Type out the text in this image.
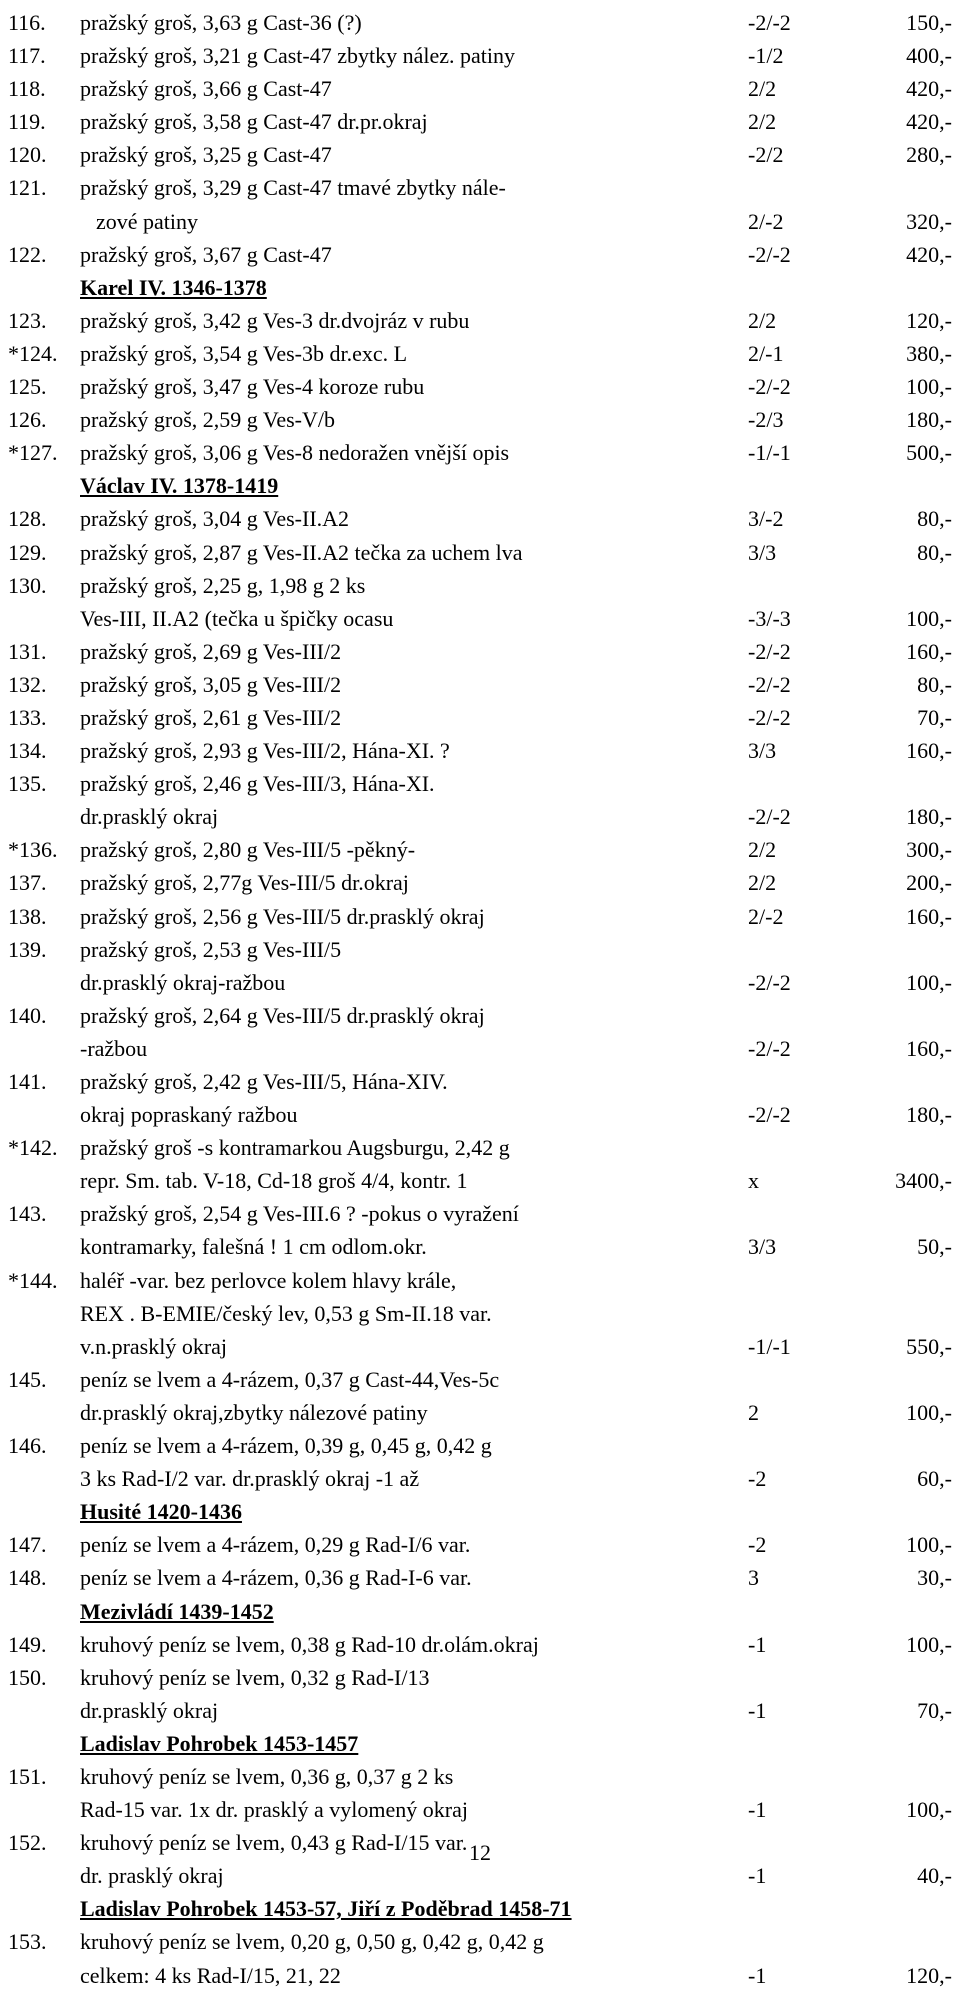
116.	pražský groš, 3,63 g Cast-36 (?)	-2/-2	150,-
117.	pražský groš, 3,21 g Cast-47 zbytky nález. patiny	-1/2	400,-
118.	pražský groš, 3,66 g Cast-47	2/2	420,-
119.	pražský groš, 3,58 g Cast-47 dr.pr.okraj	2/2	420,-
120.	pražský groš, 3,25 g Cast-47	-2/2	280,-
121.	pražský groš, 3,29 g Cast-47 tmavé zbytky nále-
zové patiny	2/-2	320,-
122.	pražský groš, 3,67 g Cast-47	-2/-2	420,-
Karel IV. 1346-1378
123.	pražský groš, 3,42 g Ves-3 dr.dvojráz v rubu	2/2	120,-
*124.	pražský groš, 3,54 g Ves-3b dr.exc. L	2/-1	380,-
125.	pražský groš, 3,47 g Ves-4 koroze rubu	-2/-2	100,-
126.	pražský groš, 2,59 g Ves-V/b	-2/3	180,-
*127.	pražský groš, 3,06 g Ves-8 nedoražen vnější opis	-1/-1	500,-
Václav IV. 1378-1419
128.	pražský groš, 3,04 g Ves-II.A2	3/-2	80,-
129.	pražský groš, 2,87 g Ves-II.A2 tečka za uchem lva	3/3	80,-
130.	pražský groš, 2,25 g, 1,98 g 2 ks
Ves-III, II.A2 (tečka u špičky ocasu	-3/-3	100,-
131.	pražský groš, 2,69 g Ves-III/2	-2/-2	160,-
132.	pražský groš, 3,05 g Ves-III/2	-2/-2	80,-
133.	pražský groš, 2,61 g Ves-III/2	-2/-2	70,-
134.	pražský groš, 2,93 g Ves-III/2, Hána-XI. ?	3/3	160,-
135.	pražský groš, 2,46 g Ves-III/3, Hána-XI.
dr.prasklý okraj	-2/-2	180,-
*136.	pražský groš, 2,80 g Ves-III/5 -pěkný-	2/2	300,-
137.	pražský groš, 2,77g Ves-III/5 dr.okraj	2/2	200,-
138.	pražský groš, 2,56 g Ves-III/5 dr.prasklý okraj	2/-2	160,-
139.	pražský groš, 2,53 g Ves-III/5
dr.prasklý okraj-ražbou	-2/-2	100,-
140.	pražský groš, 2,64 g Ves-III/5 dr.prasklý okraj
-ražbou	-2/-2	160,-
141.	pražský groš, 2,42 g Ves-III/5, Hána-XIV.
okraj popraskaný ražbou	-2/-2	180,-
*142.	pražský groš -s kontramarkou Augsburgu, 2,42 g
repr. Sm. tab. V-18, Cd-18 groš 4/4, kontr. 1	x	3400,-
143.	pražský groš, 2,54 g Ves-III.6 ? -pokus o vyražení
kontramarky, falešná ! 1 cm odlom.okr.	3/3	50,-
*144.	haléř -var. bez perlovce kolem hlavy krále,
REX . B-EMIE/český lev, 0,53 g Sm-II.18 var.
v.n.prasklý okraj	-1/-1	550,-
145.	peníz se lvem a 4-rázem, 0,37 g Cast-44,Ves-5c
dr.prasklý okraj,zbytky nálezové patiny	2	100,-
146.	peníz se lvem a 4-rázem, 0,39 g, 0,45 g, 0,42 g
3 ks Rad-I/2 var. dr.prasklý okraj -1 až	-2	60,-
Husité 1420-1436
147.	peníz se lvem a 4-rázem, 0,29 g Rad-I/6 var.	-2	100,-
148.	peníz se lvem a 4-rázem, 0,36 g Rad-I-6 var.	3	30,-
Mezivládí 1439-1452
149.	kruhový peníz se lvem, 0,38 g Rad-10 dr.olám.okraj	-1	100,-
150.	kruhový peníz se lvem, 0,32 g Rad-I/13
dr.prasklý okraj	-1	70,-
Ladislav Pohrobek 1453-1457
151.	kruhový peníz se lvem, 0,36 g, 0,37 g 2 ks
Rad-15 var. 1x dr. prasklý a vylomený okraj	-1	100,-
152.	kruhový peníz se lvem, 0,43 g Rad-I/15 var.
dr. prasklý okraj	-1	40,-
Ladislav Pohrobek 1453-57, Jiří z Poděbrad 1458-71
153.	kruhový peníz se lvem, 0,20 g, 0,50 g, 0,42 g, 0,42 g
celkem: 4 ks Rad-I/15, 21, 22	-1	120,-
12
